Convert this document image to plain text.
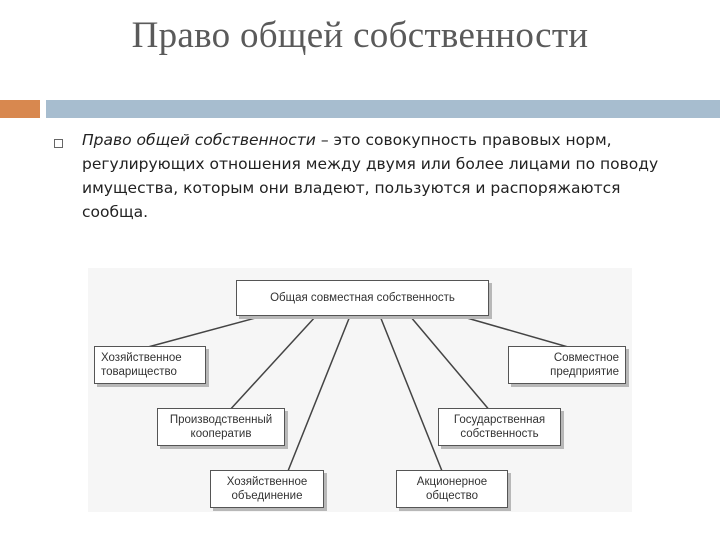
Право общей собственности
Право общей собственности – это совокупность правовых норм, регулирующих отношения между двумя или более лицами по поводу имущества, которым они владеют, пользуются и распоряжаются сообща.
Общая совместная собственность
Хозяйственное
товарищество
Производственный
кооператив
Хозяйственное
объединение
Акционерное
общество
Государственная
собственность
Совместное
предприятие
